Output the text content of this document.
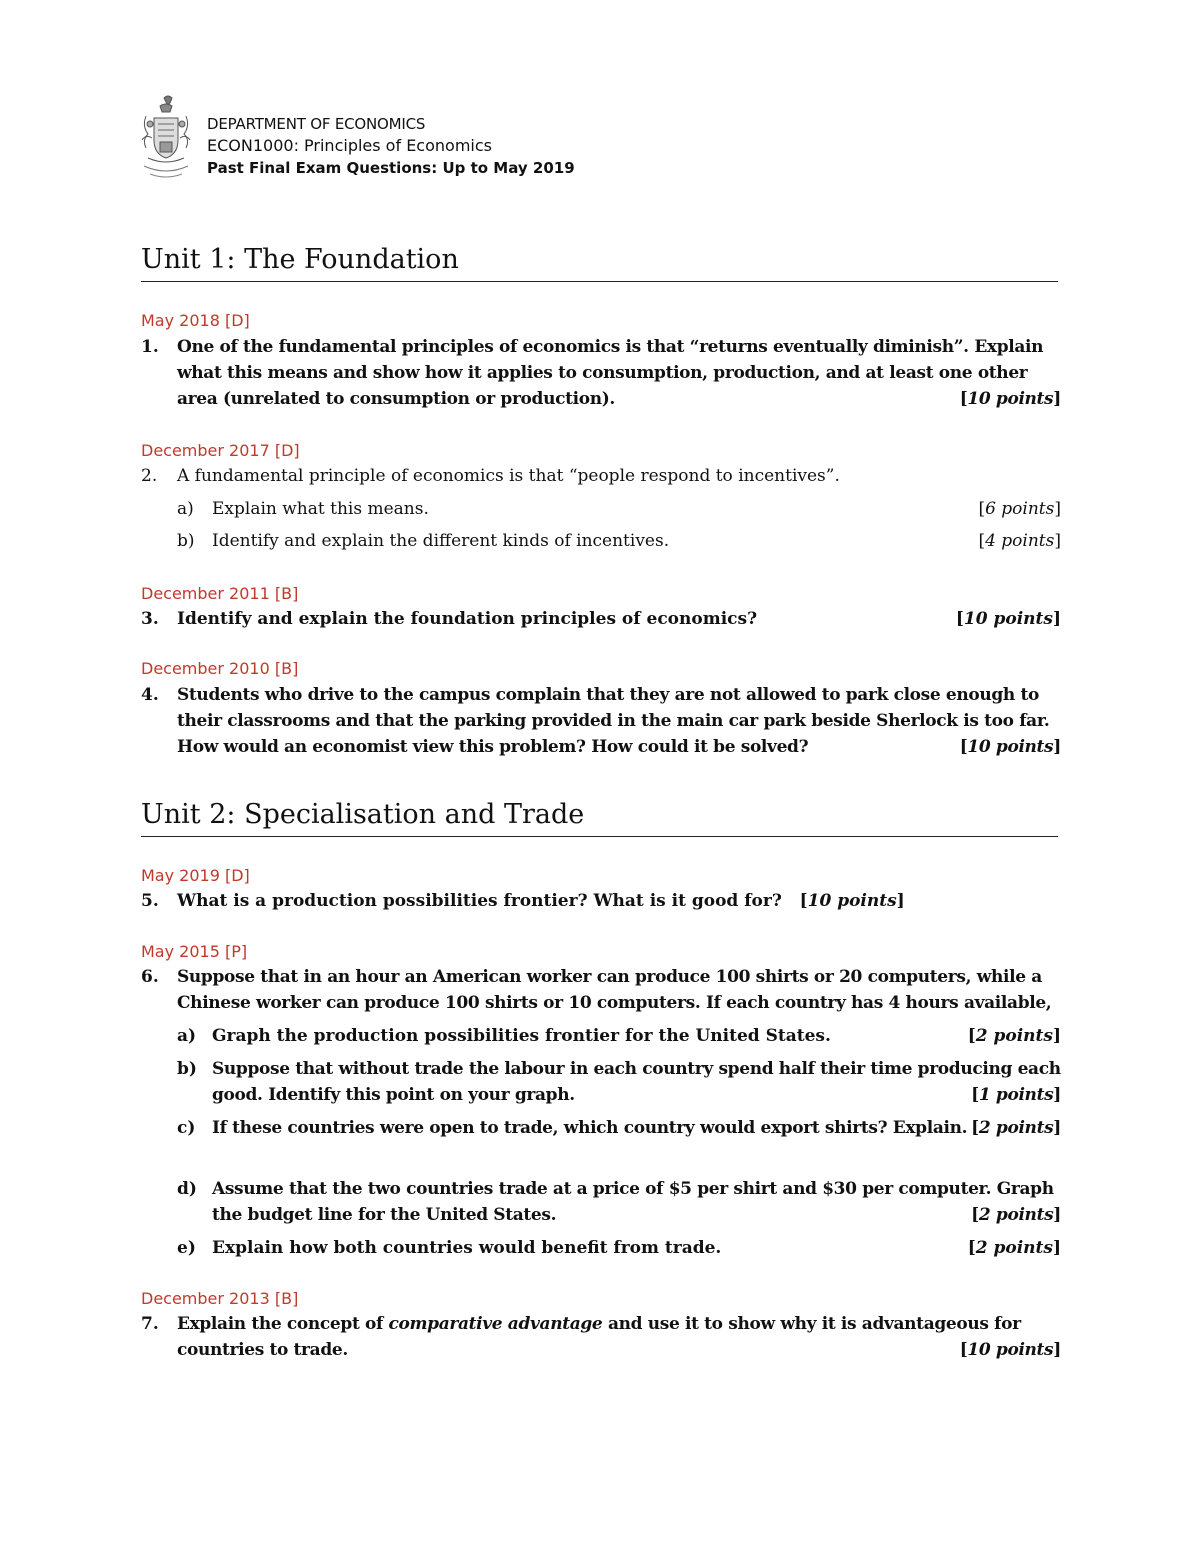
DEPARTMENT OF ECONOMICS
ECON1000: Principles of Economics
Past Final Exam Questions: Up to May 2019
Unit 1: The Foundation
May 2018 [D]
1. One of the fundamental principles of economics is that “returns eventually diminish”. Explain what this means and show how it applies to consumption, production, and at least one other area (unrelated to consumption or production).	[10 points]
December 2017 [D]
2. A fundamental principle of economics is that “people respond to incentives”.
a) Explain what this means.	[6 points]
b) Identify and explain the different kinds of incentives.	[4 points]
December 2011 [B]
3. Identify and explain the foundation principles of economics?	[10 points]
December 2010 [B]
4. Students who drive to the campus complain that they are not allowed to park close enough to their classrooms and that the parking provided in the main car park beside Sherlock is too far. How would an economist view this problem? How could it be solved?	[10 points]
Unit 2: Specialisation and Trade
May 2019 [D]
5. What is a production possibilities frontier? What is it good for?   [10 points]
May 2015 [P]
6. Suppose that in an hour an American worker can produce 100 shirts or 20 computers, while a Chinese worker can produce 100 shirts or 10 computers. If each country has 4 hours available,
a) Graph the production possibilities frontier for the United States.	[2 points]
b) Suppose that without trade the labour in each country spend half their time producing each good. Identify this point on your graph.	[1 points]
c) If these countries were open to trade, which country would export shirts? Explain. [2 points]
d) Assume that the two countries trade at a price of $5 per shirt and $30 per computer. Graph the budget line for the United States.	[2 points]
e) Explain how both countries would benefit from trade.	[2 points]
December 2013 [B]
7. Explain the concept of comparative advantage and use it to show why it is advantageous for countries to trade.	[10 points]
